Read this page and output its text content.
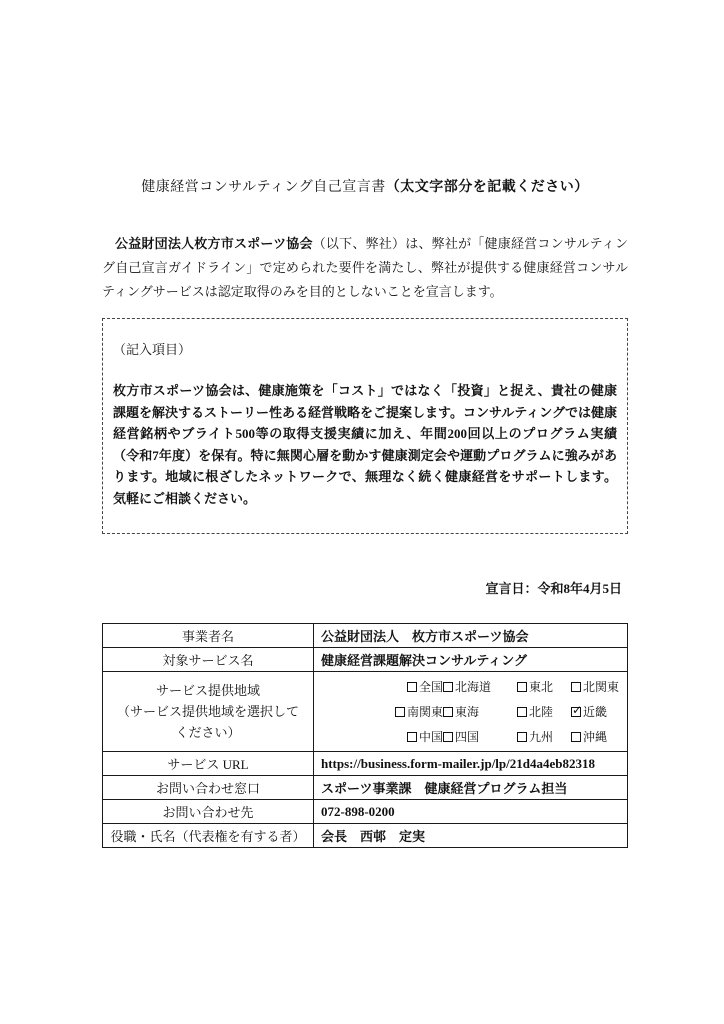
健康経営コンサルティング自己宣言書（太文字部分を記載ください）

公益財団法人枚方市スポーツ協会（以下、弊社）は、弊社が「健康経営コンサルティング自己宣言ガイドライン」で定められた要件を満たし、弊社が提供する健康経営コンサルティングサービスは認定取得のみを目的としないことを宣言します。

（記入項目）
枚方市スポーツ協会は、健康施策を「コスト」ではなく「投資」と捉え、貴社の健康課題を解決するストーリー性ある経営戦略をご提案します。コンサルティングでは健康経営銘柄やブライト500等の取得支援実績に加え、年間200回以上のプログラム実績（令和7年度）を保有。特に無関心層を動かす健康測定会や運動プログラムに強みがあります。地域に根ざしたネットワークで、無理なく続く健康経営をサポートします。気軽にご相談ください。
宣言日：令和8年4月5日
事業者名	公益財団法人　枚方市スポーツ協会
対象サービス名	健康経営課題解決コンサルティング

サービス提供地域
（サービス提供地域を選択して
ください）

全国 北海道	東北 北関東
南関東 東海	北陸 ✓ 近畿
中国 四国	九州 沖縄

サービス URL	https://business.form-mailer.jp/lp/21d4a4eb82318
お問い合わせ窓口	スポーツ事業課　健康経営プログラム担当
お問い合わせ先	072-898-0200
役職・氏名（代表権を有する者）	会長　西邨　定実
